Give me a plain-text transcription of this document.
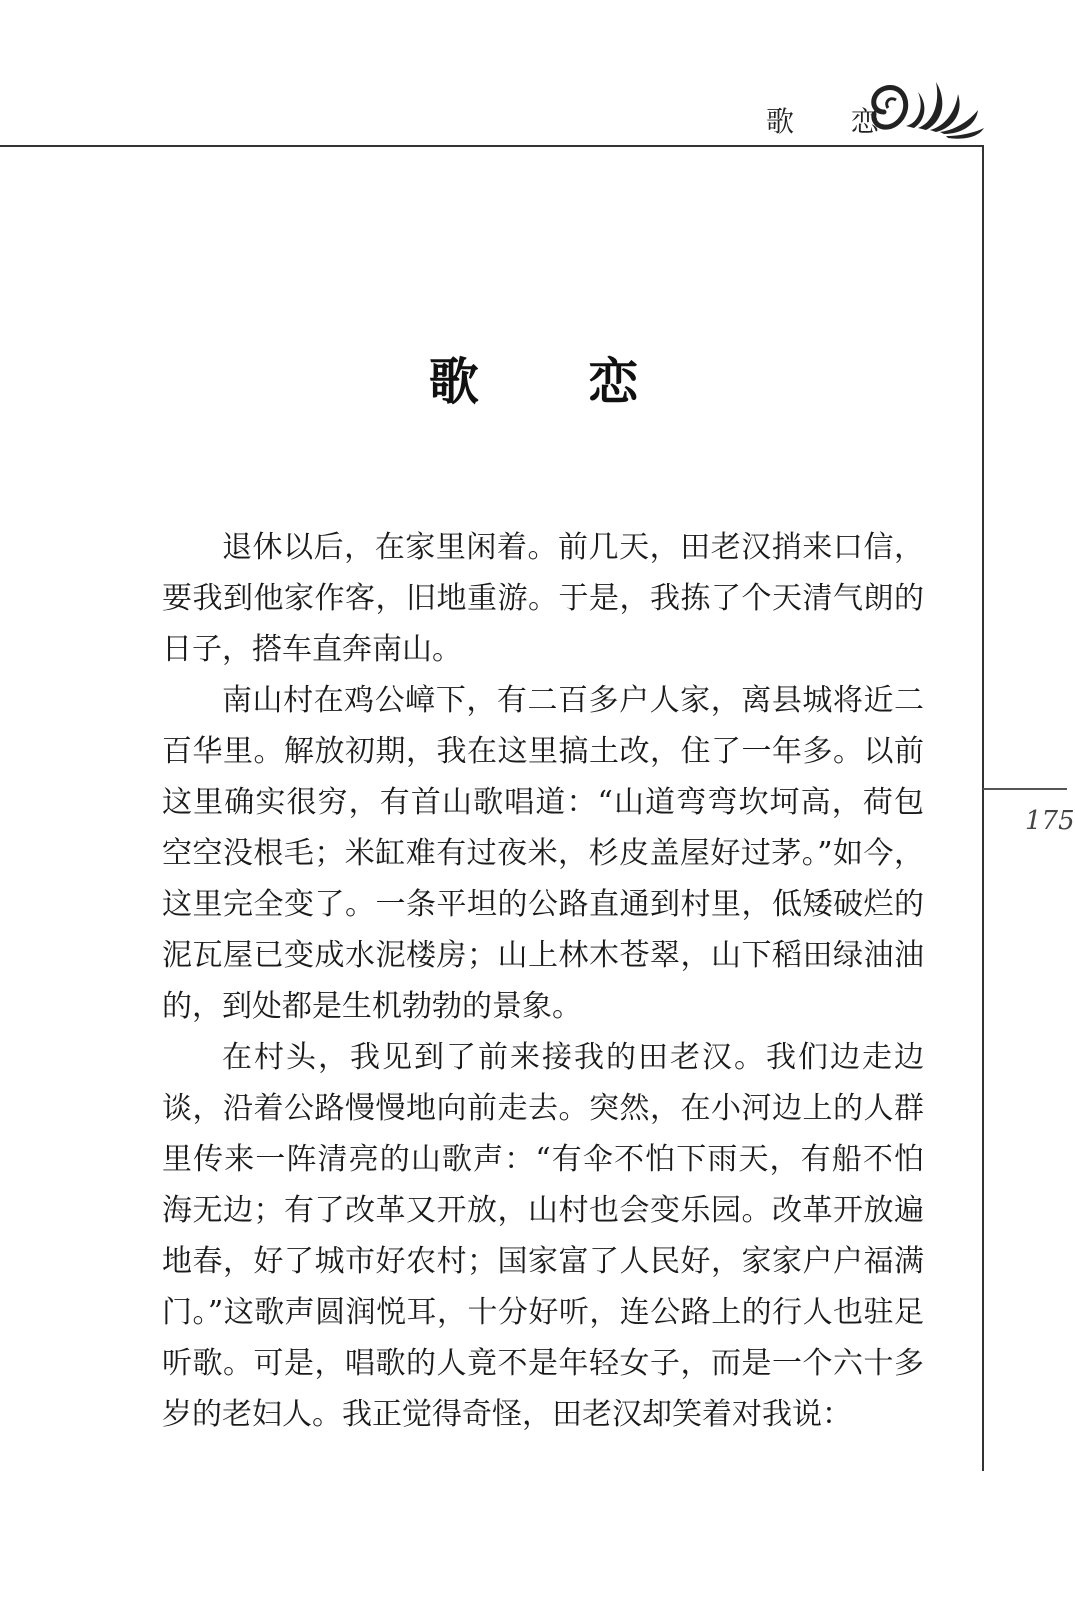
歌 恋
175
歌 恋

退休以后，在家里闲着。前几天，田老汉捎来口信，要我到他家作客，旧地重游。于是，我拣了个天清气朗的日子，搭车直奔南山。

南山村在鸡公嶂下，有二百多户人家，离县城将近二百华里。解放初期，我在这里搞土改，住了一年多。以前这里确实很穷，有首山歌唱道：“山道弯弯坎坷高，荷包空空没根毛；米缸难有过夜米，杉皮盖屋好过茅。”如今，这里完全变了。一条平坦的公路直通到村里，低矮破烂的泥瓦屋已变成水泥楼房；山上林木苍翠，山下稻田绿油油的，到处都是生机勃勃的景象。

在村头，我见到了前来接我的田老汉。我们边走边谈，沿着公路慢慢地向前走去。突然，在小河边上的人群里传来一阵清亮的山歌声：“有伞不怕下雨天，有船不怕海无边；有了改革又开放，山村也会变乐园。改革开放遍地春，好了城市好农村；国家富了人民好，家家户户福满门。”这歌声圆润悦耳，十分好听，连公路上的行人也驻足听歌。可是，唱歌的人竟不是年轻女子，而是一个六十多岁的老妇人。我正觉得奇怪，田老汉却笑着对我说：
